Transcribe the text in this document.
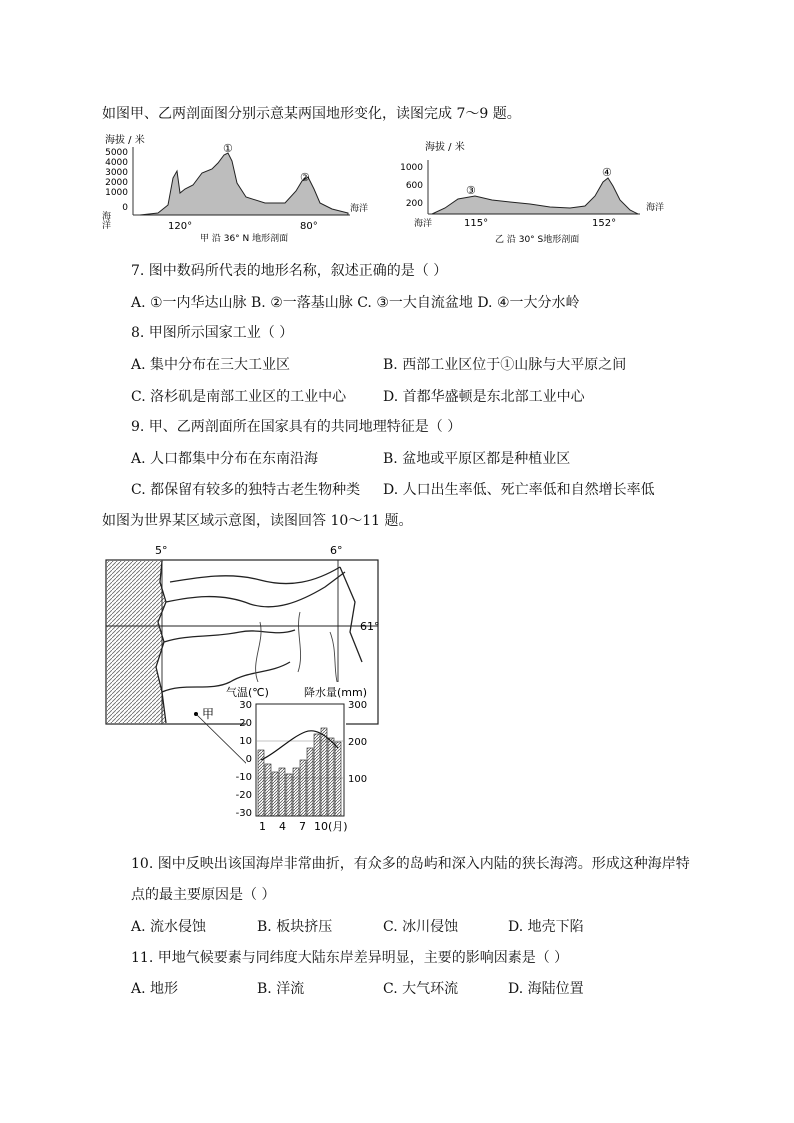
如图甲、乙两剖面图分别示意某两国地形变化，读图完成 7～9 题。
海拔 / 米
5000
4000
3000
2000
1000
0
①
②
海洋
海洋
120°	80°
甲 沿 36° N 地形剖面
海拔 / 米
1000
600
200
③
④
海洋
海洋
115°	152°
乙 沿 30° S地形剖面
7. 图中数码所代表的地形名称，叙述正确的是（ ）
A. ①一内华达山脉 B. ②一落基山脉 C. ③一大自流盆地 D. ④一大分水岭
8. 甲图所示国家工业（ ）
A. 集中分布在三大工业区	B. 西部工业区位于①山脉与大平原之间
C. 洛杉矶是南部工业区的工业中心	D. 首都华盛顿是东北部工业中心
9. 甲、乙两剖面所在国家具有的共同地理特征是（ ）
A. 人口都集中分布在东南沿海	B. 盆地或平原区都是种植业区
C. 都保留有较多的独特古老生物种类 D. 人口出生率低、死亡率低和自然增长率低
如图为世界某区域示意图，读图回答 10～11 题。
5°	6°
61°
甲
气温(℃)	降水量(mm)
30
20
10
0
-10
-20
-30
300
200
100
1 4 7 10(月)
10. 图中反映出该国海岸非常曲折，有众多的岛屿和深入内陆的狭长海湾。形成这种海岸特
点的最主要原因是（ ）
A. 流水侵蚀	B. 板块挤压	C. 冰川侵蚀	D. 地壳下陷
11. 甲地气候要素与同纬度大陆东岸差异明显，主要的影响因素是（ ）
A. 地形	B. 洋流	C. 大气环流	D. 海陆位置
